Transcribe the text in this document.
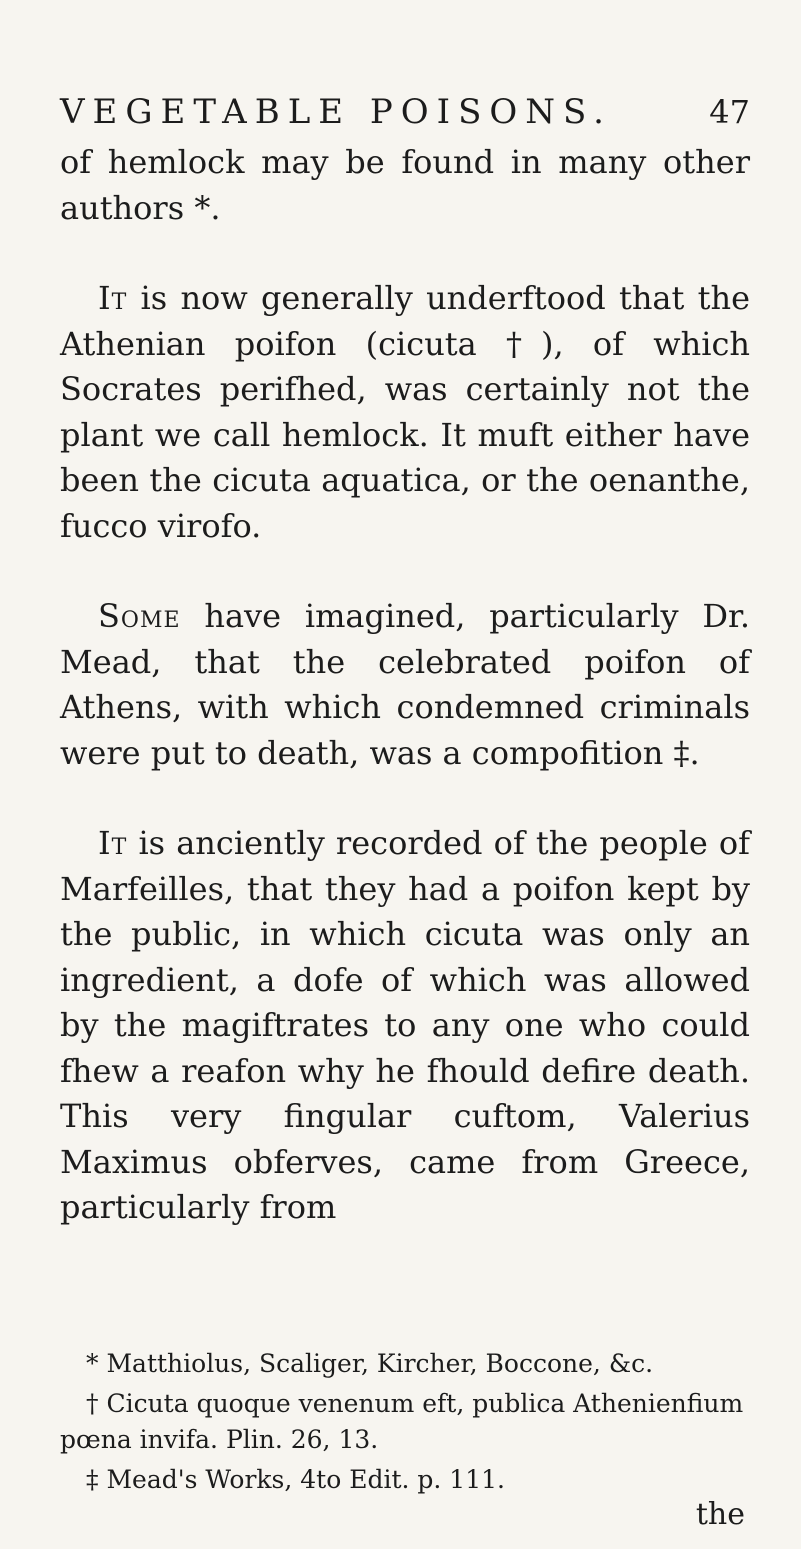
VEGETABLE POISONS.	47

of hemlock may be found in many other authors *.

It is now generally underftood that the Athenian poifon (cicuta †), of which Socrates perifhed, was certainly not the plant we call hemlock. It muft either have been the cicuta aquatica, or the oenanthe, fucco virofo.

Some have imagined, particularly Dr. Mead, that the celebrated poifon of Athens, with which condemned criminals were put to death, was a compofition ‡.

It is anciently recorded of the people of Marfeilles, that they had a poifon kept by the public, in which cicuta was only an ingredient, a dofe of which was allowed by the magiftrates to any one who could fhew a reafon why he fhould defire death. This very fingular cuftom, Valerius Maximus obferves, came from Greece, particularly from

* Matthiolus, Scaliger, Kircher, Boccone, &c.

† Cicuta quoque venenum eft, publica Athenienfium pœna invifa. Plin. 26, 13.

‡ Mead's Works, 4to Edit. p. 111.

the
